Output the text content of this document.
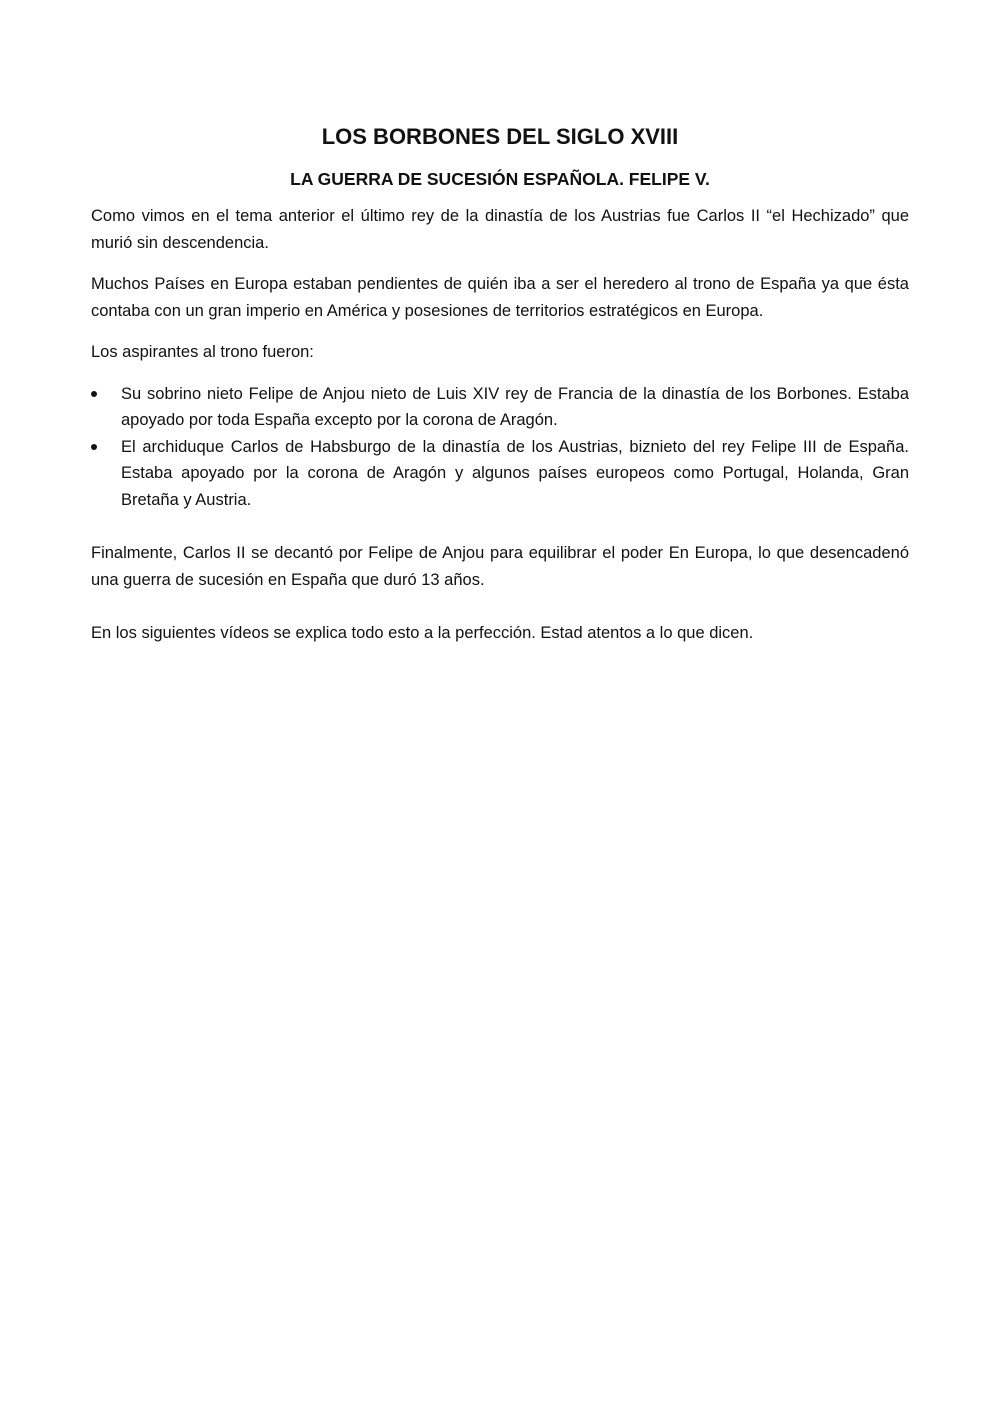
LOS BORBONES DEL SIGLO XVIII
LA GUERRA DE SUCESIÓN ESPAÑOLA. FELIPE V.

Como vimos en el tema anterior el último rey de la dinastía de los Austrias fue Carlos II “el Hechizado” que murió sin descendencia.

Muchos Países en Europa estaban pendientes de quién iba a ser el heredero al trono de España ya que ésta contaba con un gran imperio en América y posesiones de territorios estratégicos en Europa.

Los aspirantes al trono fueron:

Su sobrino nieto Felipe de Anjou nieto de Luis XIV rey de Francia de la dinastía de los Borbones. Estaba apoyado por toda España excepto por la corona de Aragón.
El archiduque Carlos de Habsburgo de la dinastía de los Austrias, biznieto del rey Felipe III de España. Estaba apoyado por la corona de Aragón y algunos países europeos como Portugal, Holanda, Gran Bretaña y Austria.

Finalmente, Carlos II se decantó por Felipe de Anjou para equilibrar el poder En Europa, lo que desencadenó una guerra de sucesión en España que duró 13 años.

En los siguientes vídeos se explica todo esto a la perfección. Estad atentos a lo que dicen.
